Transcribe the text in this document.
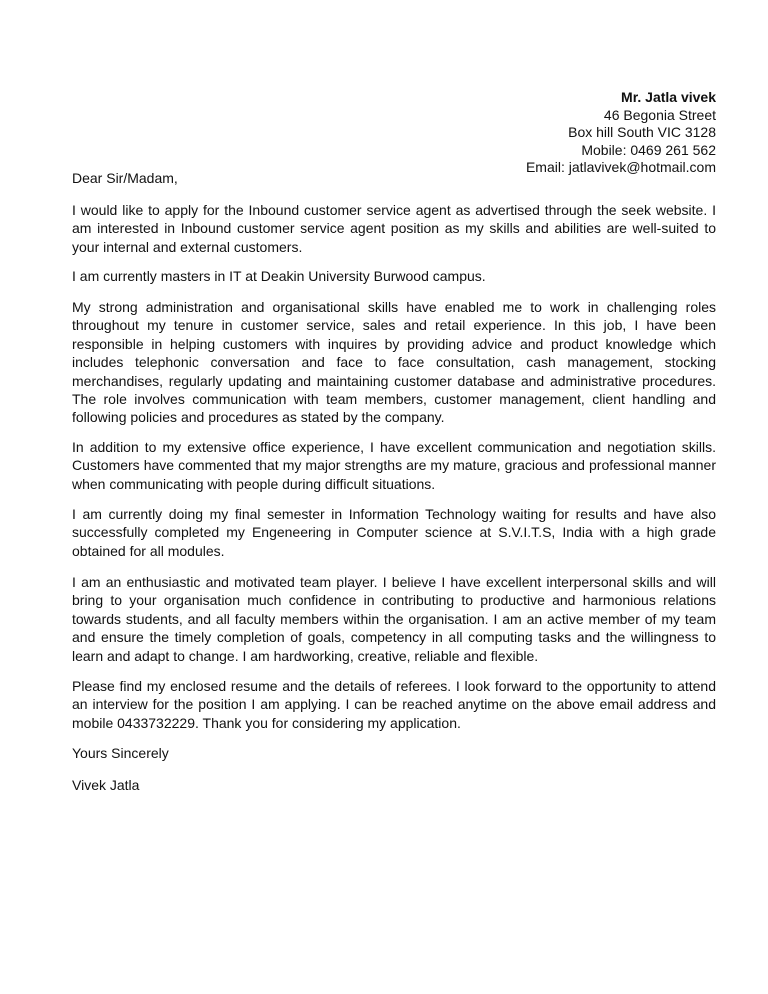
Mr. Jatla vivek
46 Begonia Street
Box hill South VIC 3128
Mobile: 0469 261 562
Email: jatlavivek@hotmail.com

Dear Sir/Madam,

I would like to apply for the Inbound customer service agent as advertised through the seek website. I am interested in Inbound customer service agent position as my skills and abilities are well-suited to your internal and external customers.

I am currently masters in IT at Deakin University Burwood campus.

My strong administration and organisational skills have enabled me to work in challenging roles throughout my tenure in customer service, sales and retail experience. In this job, I have been responsible in helping customers with inquires by providing advice and product knowledge which includes telephonic conversation and face to face consultation, cash management, stocking merchandises, regularly updating and maintaining customer database and administrative procedures. The role involves communication with team members, customer management, client handling and following policies and procedures as stated by the company.

In addition to my extensive office experience, I have excellent communication and negotiation skills. Customers have commented that my major strengths are my mature, gracious and professional manner when communicating with people during difficult situations.

I am currently doing my final semester in Information Technology waiting for results and have also successfully completed my Engeneering in Computer science at S.V.I.T.S, India with a high grade obtained for all modules.

I am an enthusiastic and motivated team player. I believe I have excellent interpersonal skills and will bring to your organisation much confidence in contributing to productive and harmonious relations towards students, and all faculty members within the organisation. I am an active member of my team and ensure the timely completion of goals, competency in all computing tasks and the willingness to learn and adapt to change. I am hardworking, creative, reliable and flexible.

Please find my enclosed resume and the details of referees. I look forward to the opportunity to attend an interview for the position I am applying. I can be reached anytime on the above email address and mobile 0433732229. Thank you for considering my application.

Yours Sincerely

Vivek Jatla
